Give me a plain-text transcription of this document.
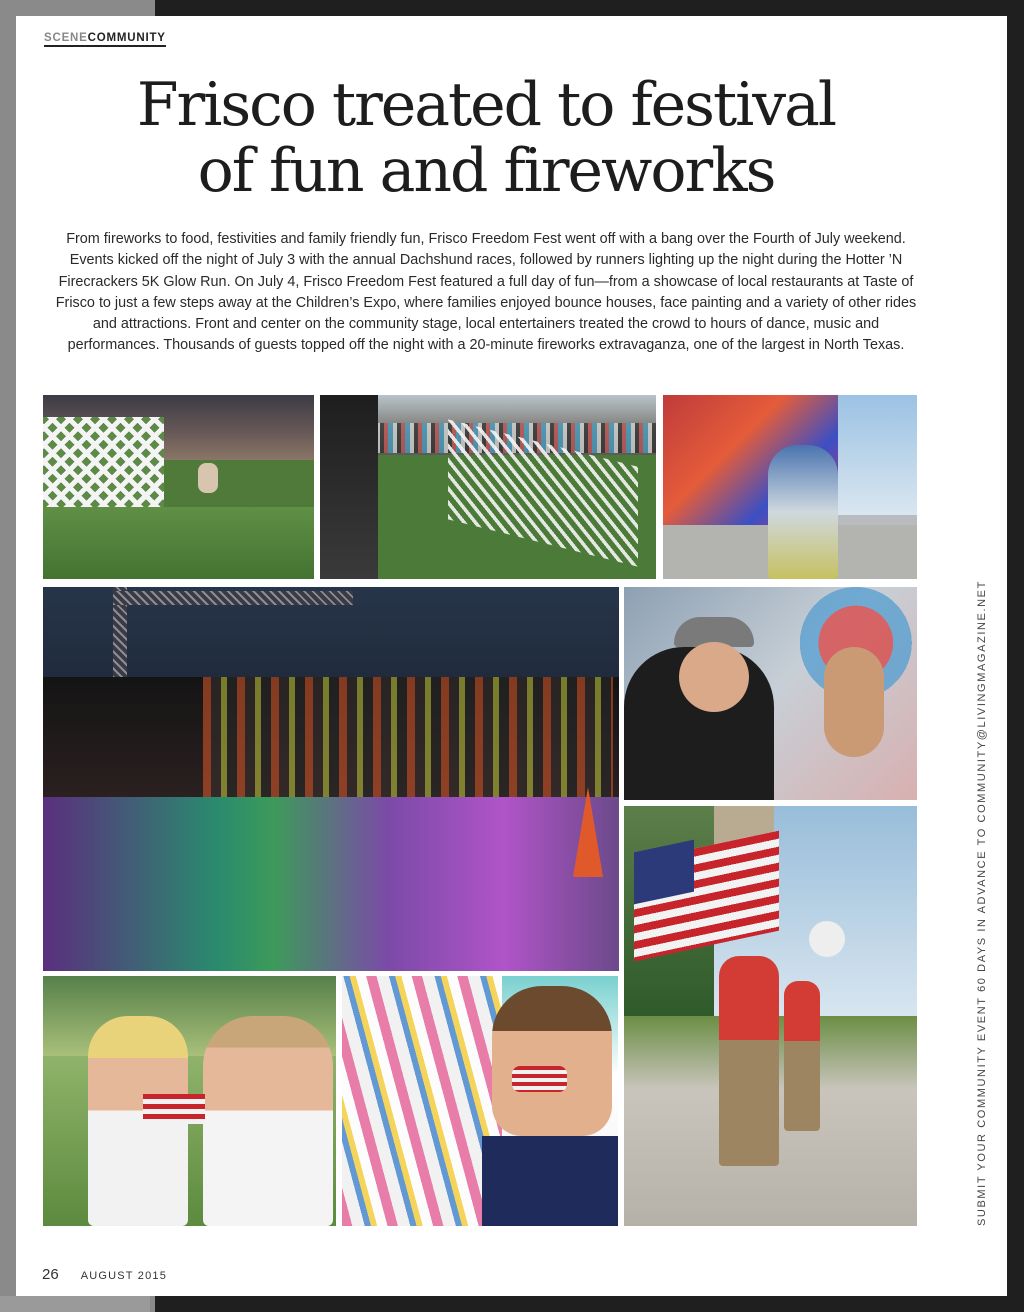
SCENECOMMUNITY
Frisco treated to festival
of fun and fireworks

From fireworks to food, festivities and family friendly fun, Frisco Freedom Fest went off with a bang over the Fourth of July weekend. Events kicked off the night of July 3 with the annual Dachshund races, followed by runners lighting up the night during the Hotter ’N Firecrackers 5K Glow Run. On July 4, Frisco Freedom Fest featured a full day of fun—from a showcase of local restaurants at Taste of Frisco to just a few steps away at the Children’s Expo, where families enjoyed bounce houses, face painting and a variety of other rides and attractions. Front and center on the community stage, local entertainers treated the crowd to hours of dance, music and performances. Thousands of guests topped off the night with a 20-minute fireworks extravaganza, one of the largest in North Texas.

SUBMIT YOUR COMMUNITY EVENT 60 DAYS IN ADVANCE TO COMMUNITY@LIVINGMAGAZINE.NET
26 AUGUST 2015
